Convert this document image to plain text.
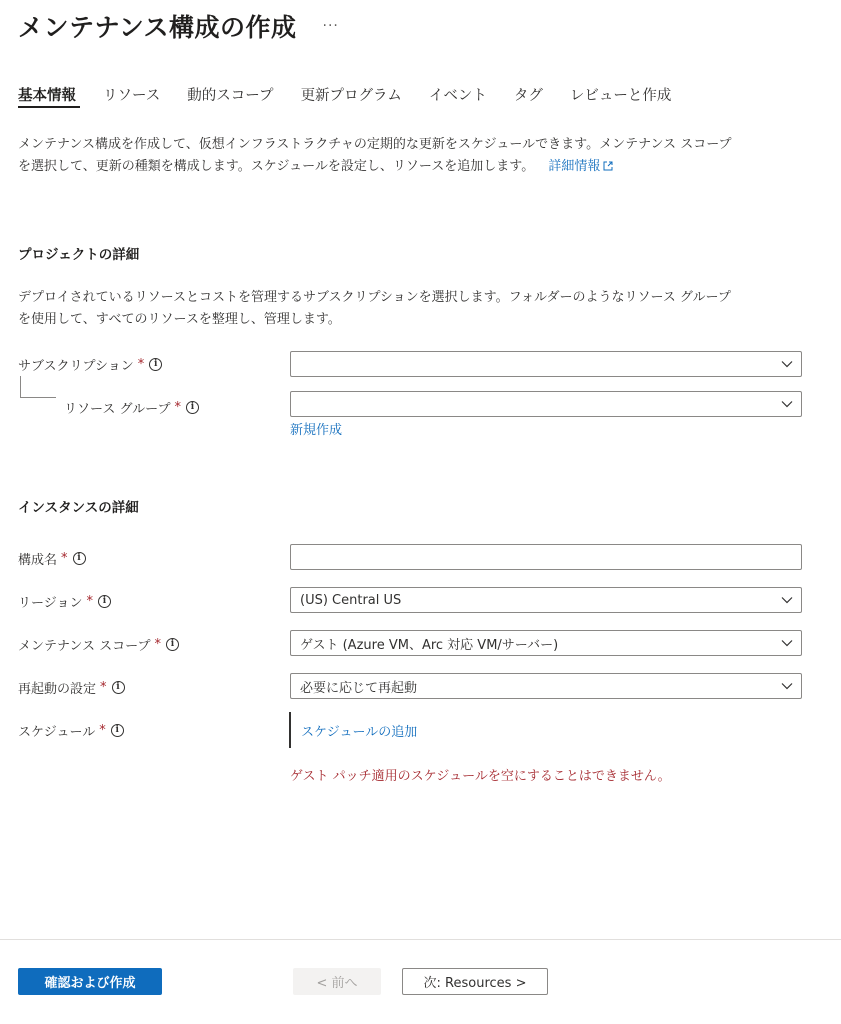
メンテナンス構成の作成 ···
基本情報 リソース 動的スコープ 更新プログラム イベント タグ レビューと作成
メンテナンス構成を作成して、仮想インフラストラクチャの定期的な更新をスケジュールできます。メンテナンス スコープ
を選択して、更新の種類を構成します。スケジュールを設定し、リソースを追加します。 詳細情報
プロジェクトの詳細
デプロイされているリソースとコストを管理するサブスクリプションを選択します。フォルダーのようなリソース グループ
を使用して、すべてのリソースを整理し、管理します。
サブスクリプション *	i
リソース グループ *	i
新規作成
インスタンスの詳細
構成名 *	i
リージョン *	i	(US) Central US
メンテナンス スコープ *	i	ゲスト (Azure VM、Arc 対応 VM/サーバー)
再起動の設定 *	i	必要に応じて再起動
スケジュール *	i	スケジュールの追加
ゲスト パッチ適用のスケジュールを空にすることはできません。
確認および作成	< 前へ	次: Resources >
